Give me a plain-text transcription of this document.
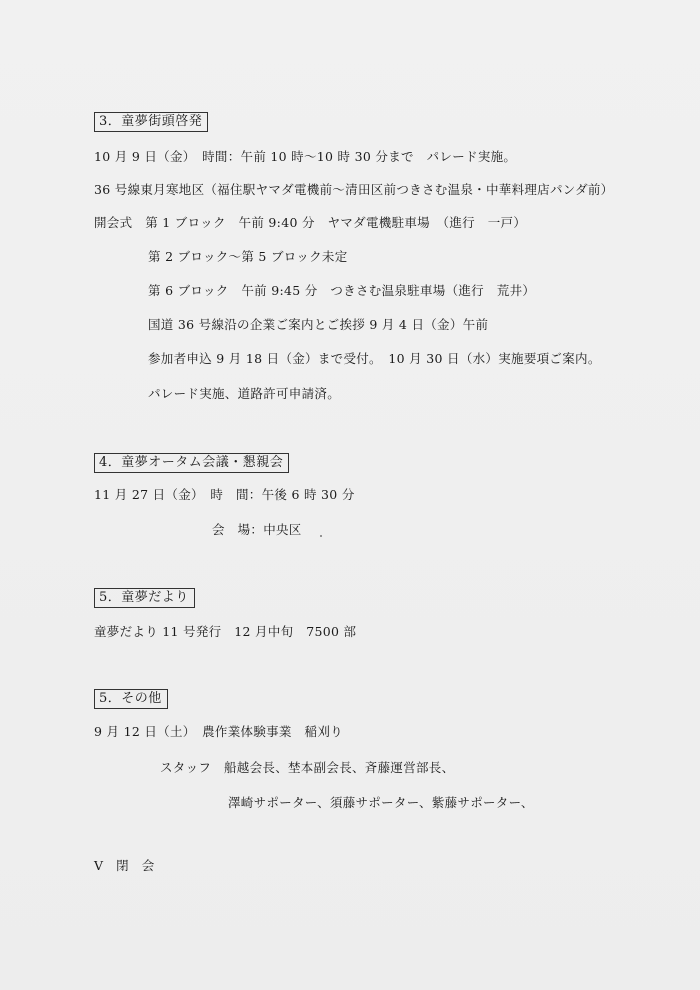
3．童夢街頭啓発
10 月 9 日（金）　時間：午前 10 時～10 時 30 分まで　パレード実施。
36 号線東月寒地区（福住駅ヤマダ電機前～清田区前つきさむ温泉・中華料理店パンダ前）
開会式　第 1 ブロック　午前 9:40 分　ヤマダ電機駐車場　（進行　一戸）
第 2 ブロック～第 5 ブロック未定
第 6 ブロック　午前 9:45 分　つきさむ温泉駐車場（進行　荒井）
国道 36 号線沿の企業ご案内とご挨拶 9 月 4 日（金）午前
参加者申込 9 月 18 日（金）まで受付。　10 月 30 日（水）実施要項ご案内。
パレード実施、道路許可申請済。
4．童夢オータム会議・懇親会
11 月 27 日（金）　時　間：午後 6 時 30 分
会　場：中央区
5．童夢だより
童夢だより 11 号発行　12 月中旬　7500 部
5．その他
9 月 12 日（土）　農作業体験事業　稲刈り
スタッフ　船越会長、埜本副会長、斉藤運営部長、
澤崎サポーター、須藤サポーター、紫藤サポーター、
Ⅴ　閉　会
